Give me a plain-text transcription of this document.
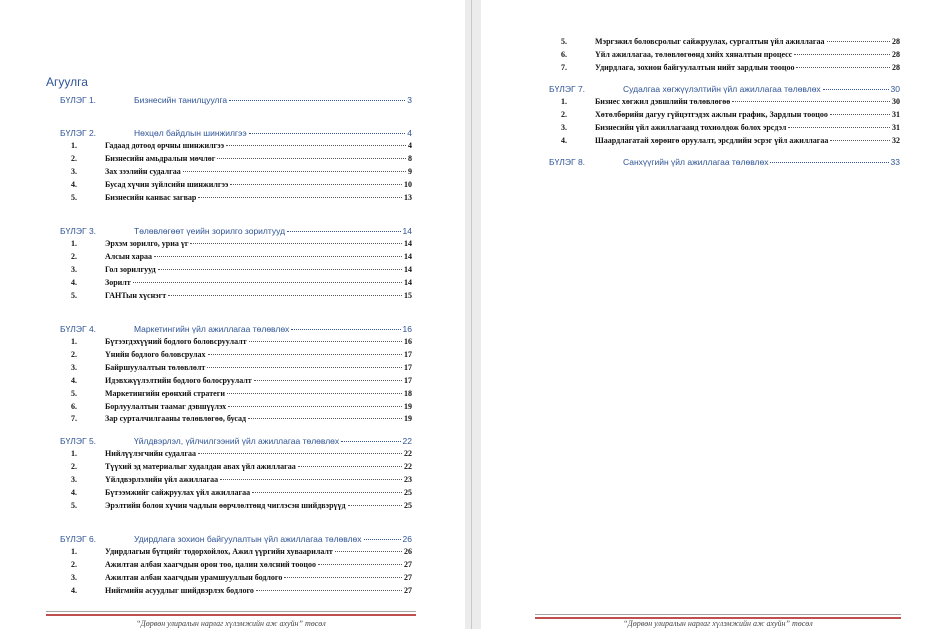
Агуулга
БҮЛЭГ 1.	Бизнесийн танилцуулга	3
БҮЛЭГ 2.	Нөхцөл байдлын шинжилгээ	4
1.	Гадаад дотоод орчны шинжилгээ	4
2.	Бизнесийн амьдралын мөчлөг	8
3.	Зах зээлийн судалгаа	9
4.	Бусад хүчин зүйлсийн шинжилгээ	10
5.	Бизнесийн канвас загвар	13
БҮЛЭГ 3.	Төлөвлөгөөт үеийн зорилго зорилтууд	14
1.	Эрхэм зорилго, уриа үг	14
2.	Алсын хараа	14
3.	Гол зорилгууд	14
4.	Зорилт	14
5.	ГАНТын хүснэгт	15
БҮЛЭГ 4.	Маркетингийн үйл ажиллагаа төлөвлөх	16
1.	Бүтээгдэхүүний бодлого боловсруулалт	16
2.	Үнийн бодлого боловсрулах	17
3.	Байршуулалтын төлөвлөлт	17
4.	Идэвхжүүлэлтийн бодлого болосруулалт	17
5.	Маркетингийн ерөнхий стратеги	18
6.	Борлуулалтын таамаг дэвшүүлэх	19
7.	Зар сурталчилгааны төлөвлөгөө, бусад	19
БҮЛЭГ 5.	Үйлдвэрлэл, үйлчилгээний үйл ажиллагаа төлөвлөх	22
1.	Нийлүүлэгчийн судалгаа	22
2.	Түүхий эд материалыг худалдан авах үйл ажиллагаа	22
3.	Үйлдвэрлэлийн үйл ажиллагаа	23
4.	Бүтээмжийг сайжруулах үйл ажиллагаа	25
5.	Эрэлтийн болон хүчин чадлын өөрчлөлтөнд чиглэсэн шийдвэрүүд	25
БҮЛЭГ 6.	Удирдлага зохион байгуулалтын үйл ажиллагаа төлөвлөх	26
1.	Удирдлагын бүтцийг тодорхойлох, Ажил үүргийн хуваарилалт	26
2.	Ажилтан албан хаагчдын орон тоо, цалин хөлсний тооцоо	27
3.	Ажилтан албан хаагчдын урамшууллын бодлого	27
4.	Нийгмийн асуудлыг шийдвэрлэх бодлого	27
“Дөрвөн улиралын нарлаг хүлэмжийн аж ахуйн” төсөл
5.	Мэргэжил боловсролыг сайжруулах, сургалтын үйл ажиллагаа	28
6.	Үйл ажиллагаа, төлөвлөгөөнд хийх хяналтын процесс	28
7.	Удирдлага, зохион байгуулалтын нийт зардлын тооцоо	28
БҮЛЭГ 7.	Судалгаа хөгжүүлэлтийн үйл ажиллагаа төлөвлөх	30
1.	Бизнес хөгжил дэвшлийн төлөвлөгөө	30
2.	Хөтөлбөрийн дагуу гүйцэтгэдэх ажлын график, Зардлын тооцоо	31
3.	Бизнесийн үйл ажиллагаанд тохиолдож болох эрсдэл	31
4.	Шаардлагатай хөрөнгө оруулалт, эрсдлийн эсрэг үйл ажиллагаа	32
БҮЛЭГ 8.	Санхүүгийн үйл ажиллагаа төлөвлөх	33
“Дөрвөн улиралын нарлаг хүлэмжийн аж ахуйн” төсөл
